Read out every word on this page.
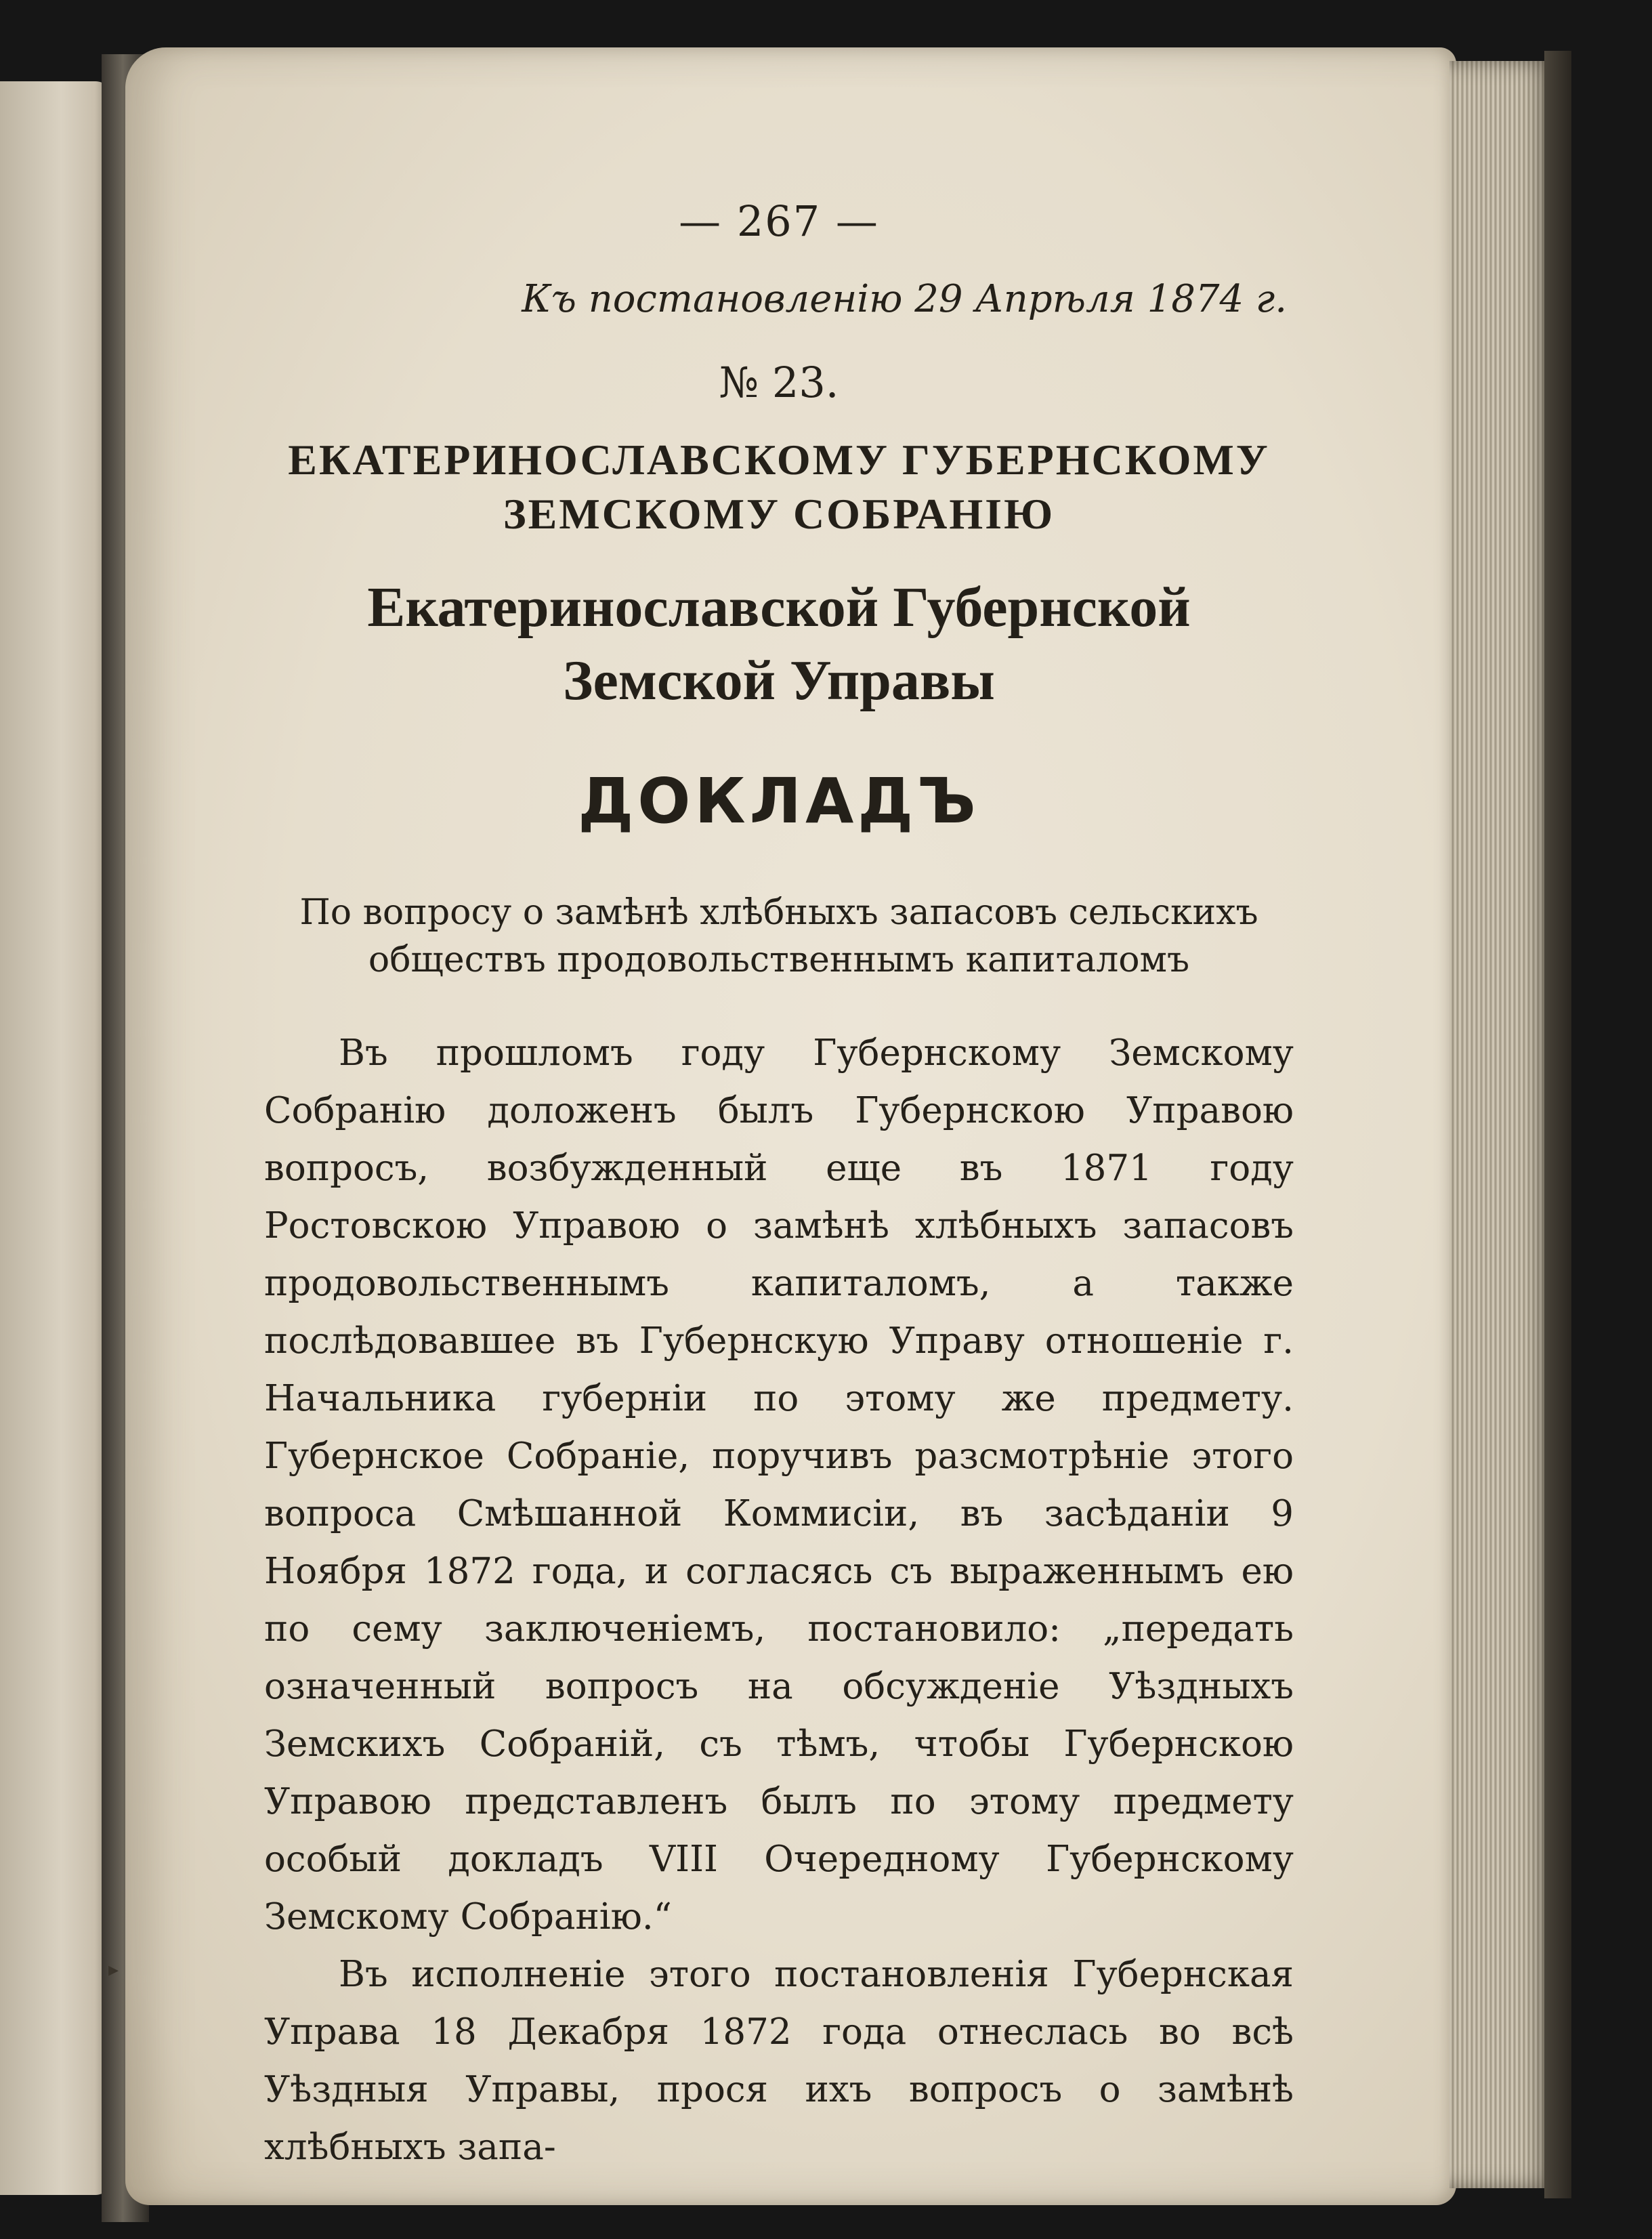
— 267 —
Къ постановленію 29 Апрѣля 1874 г.
№ 23.
ЕКАТЕРИНОСЛАВСКОМУ ГУБЕРНСКОМУ ЗЕМСКОМУ СОБРАНІЮ
Екатеринославской Губернской Земской Управы
ДОКЛАДЪ
По вопросу о замѣнѣ хлѣбныхъ запасовъ сельскихъ обществъ продовольственнымъ капиталомъ

Въ прошломъ году Губернскому Земскому Собранію доложенъ былъ Губернскою Управою вопросъ, возбужденный еще въ 1871 году Ростовскою Управою о замѣнѣ хлѣбныхъ запасовъ продовольственнымъ капиталомъ, а также послѣдовавшее въ Губернскую Управу отношеніе г. Начальника губерніи по этому же предмету. Губернское Собраніе, поручивъ разсмотрѣніе этого вопроса Смѣшанной Коммисіи, въ засѣданіи 9 Ноября 1872 года, и согласясь съ выраженнымъ ею по сему заключеніемъ, постановило: „передать означенный вопросъ на обсужденіе Уѣздныхъ Земскихъ Собраній, съ тѣмъ, чтобы Губернскою Управою представленъ былъ по этому предмету особый докладъ VIII Очередному Губернскому Земскому Собранію.“

Въ исполненіе этого постановленія Губернская Управа 18 Декабря 1872 года отнеслась во всѣ Уѣздныя Управы, прося ихъ вопросъ о замѣнѣ хлѣбныхъ запа-

▸
